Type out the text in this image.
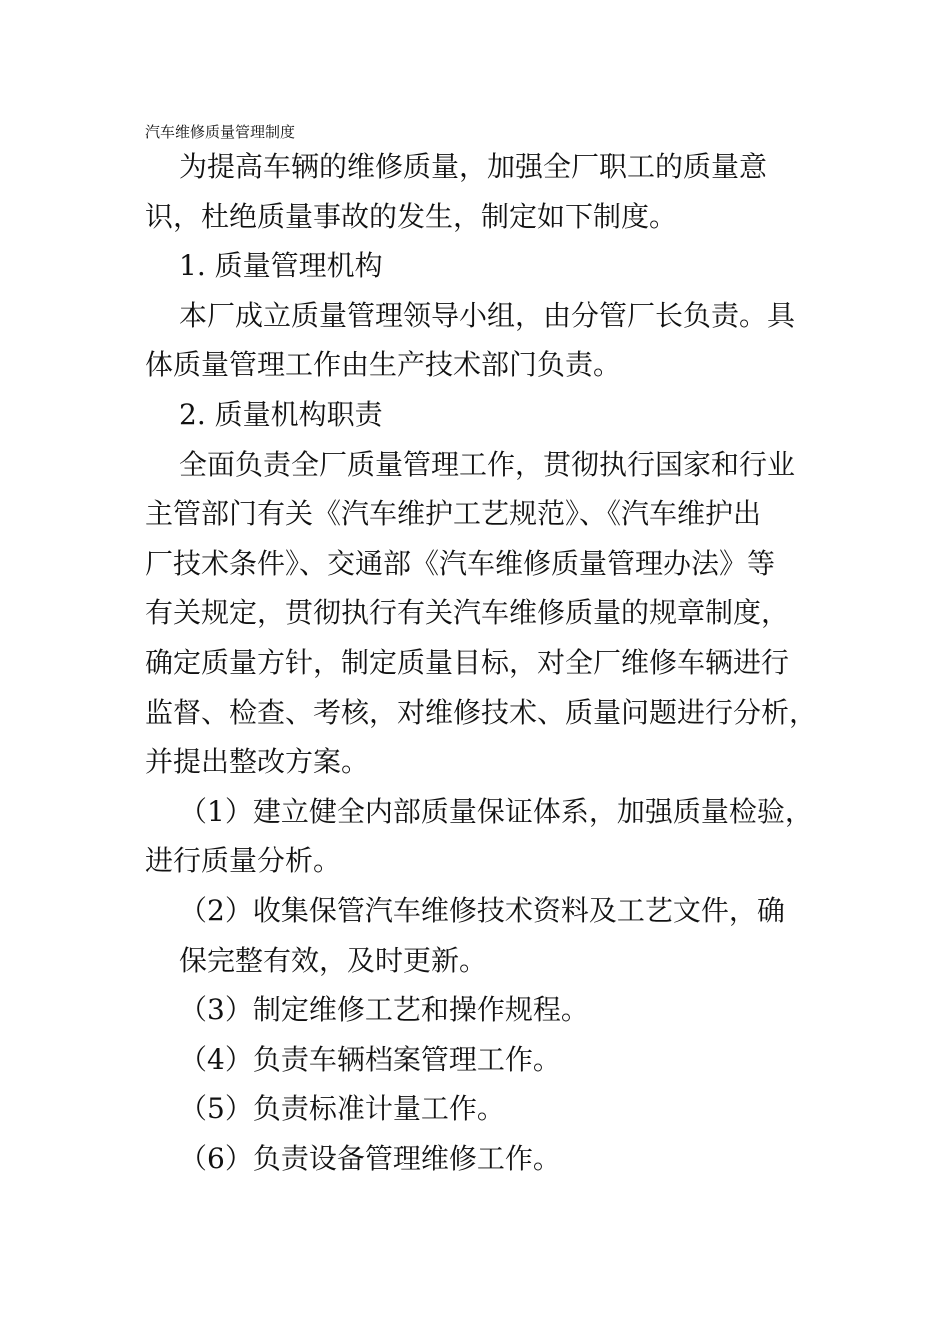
汽车维修质量管理制度

为提高车辆的维修质量，加强全厂职工的质量意

识，杜绝质量事故的发生，制定如下制度。

1. 质量管理机构

本厂成立质量管理领导小组，由分管厂长负责。具

体质量管理工作由生产技术部门负责。

2. 质量机构职责

全面负责全厂质量管理工作，贯彻执行国家和行业

主管部门有关《汽车维护工艺规范》、《汽车维护出

厂技术条件》、交通部《汽车维修质量管理办法》等

有关规定，贯彻执行有关汽车维修质量的规章制度，

确定质量方针，制定质量目标，对全厂维修车辆进行

监督、检查、考核，对维修技术、质量问题进行分析，

并提出整改方案。

（1）建立健全内部质量保证体系，加强质量检验，

进行质量分析。

（2）收集保管汽车维修技术资料及工艺文件，确

保完整有效，及时更新。

（3）制定维修工艺和操作规程。

（4）负责车辆档案管理工作。

（5）负责标准计量工作。

（6）负责设备管理维修工作。
